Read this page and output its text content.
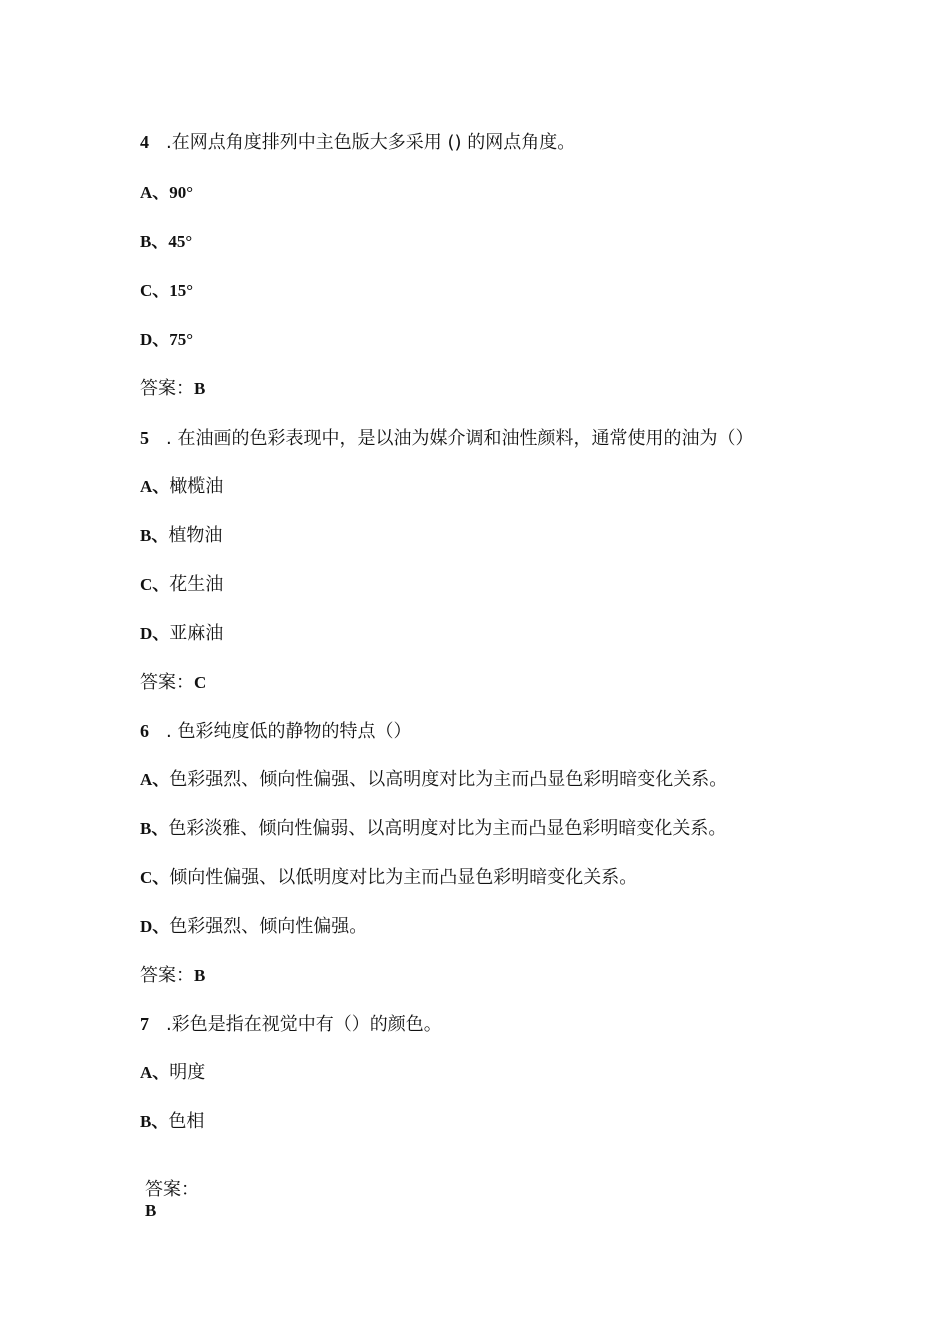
4 .在网点角度排列中主色版大多采用 () 的网点角度。
A、90°
B、45°
C、15°
D、75°
答案：B
5 . 在油画的色彩表现中，是以油为媒介调和油性颜料，通常使用的油为（）
A、橄榄油
B、植物油
C、花生油
D、亚麻油
答案：C
6 . 色彩纯度低的静物的特点（）
A、色彩强烈、倾向性偏强、以高明度对比为主而凸显色彩明暗变化关系。
B、色彩淡雅、倾向性偏弱、以高明度对比为主而凸显色彩明暗变化关系。
C、倾向性偏强、以低明度对比为主而凸显色彩明暗变化关系。
D、色彩强烈、倾向性偏强。
答案：B
7 .彩色是指在视觉中有（）的颜色。
A、明度
B、色相
答案：
B
